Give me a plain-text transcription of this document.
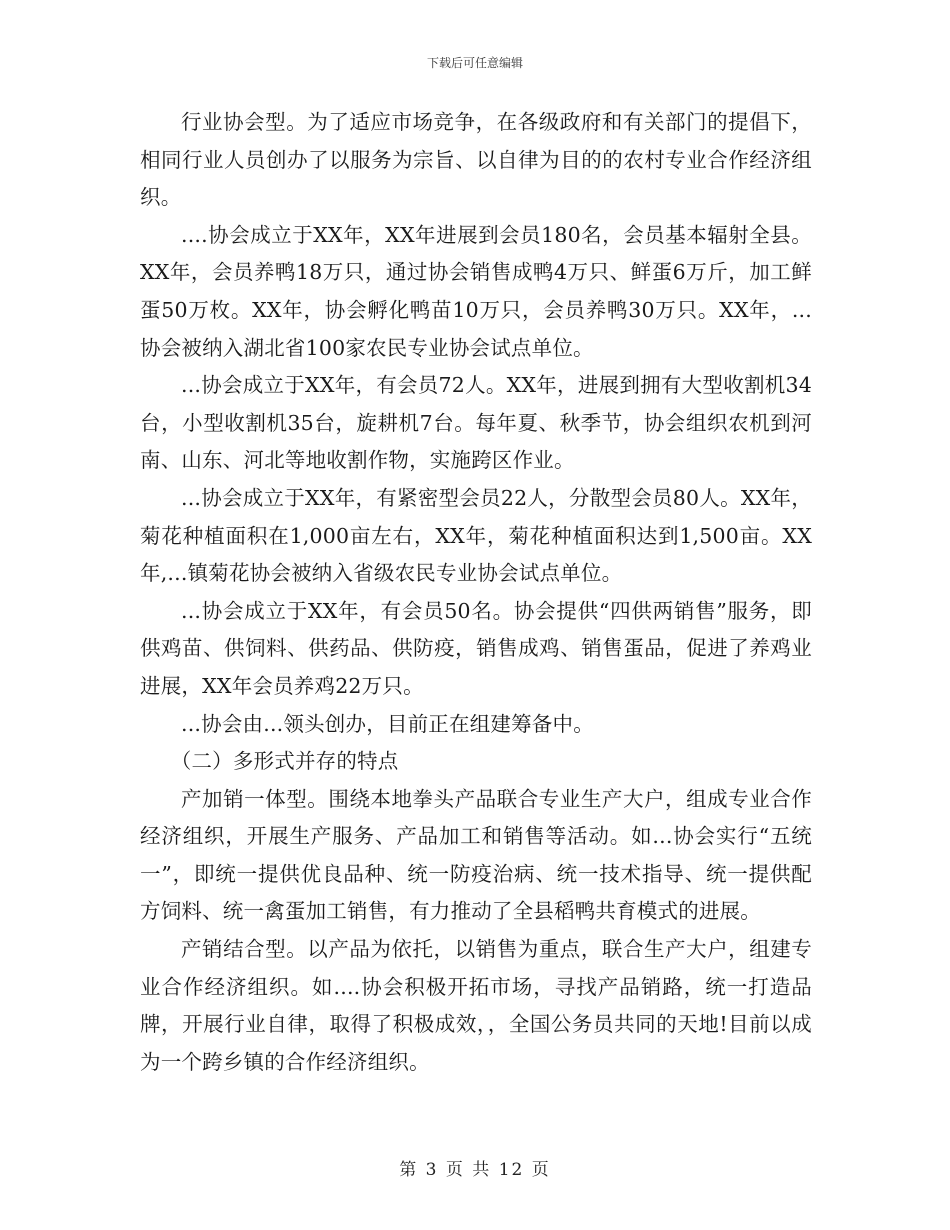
下载后可任意编辑

行业协会型。为了适应市场竞争，在各级政府和有关部门的提倡下，相同行业人员创办了以服务为宗旨、以自律为目的的农村专业合作经济组织。

....协会成立于XX年，XX年进展到会员180名，会员基本辐射全县。XX年，会员养鸭18万只，通过协会销售成鸭4万只、鲜蛋6万斤，加工鲜蛋50万枚。XX年，协会孵化鸭苗10万只，会员养鸭30万只。XX年，...协会被纳入湖北省100家农民专业协会试点单位。

...协会成立于XX年，有会员72人。XX年，进展到拥有大型收割机34台，小型收割机35台，旋耕机7台。每年夏、秋季节，协会组织农机到河南、山东、河北等地收割作物，实施跨区作业。

...协会成立于XX年，有紧密型会员22人，分散型会员80人。XX年，菊花种植面积在1,000亩左右，XX年，菊花种植面积达到1,500亩。XX年,...镇菊花协会被纳入省级农民专业协会试点单位。

...协会成立于XX年，有会员50名。协会提供“四供两销售”服务，即供鸡苗、供饲料、供药品、供防疫，销售成鸡、销售蛋品，促进了养鸡业进展，XX年会员养鸡22万只。

...协会由...领头创办，目前正在组建筹备中。

（二）多形式并存的特点

产加销一体型。围绕本地拳头产品联合专业生产大户，组成专业合作经济组织，开展生产服务、产品加工和销售等活动。如...协会实行“五统一”，即统一提供优良品种、统一防疫治病、统一技术指导、统一提供配方饲料、统一禽蛋加工销售，有力推动了全县稻鸭共育模式的进展。

产销结合型。以产品为依托，以销售为重点，联合生产大户，组建专业合作经济组织。如....协会积极开拓市场，寻找产品销路，统一打造品牌，开展行业自律，取得了积极成效，，全国公务员共同的天地!目前以成为一个跨乡镇的合作经济组织。

第 3 页 共 12 页
